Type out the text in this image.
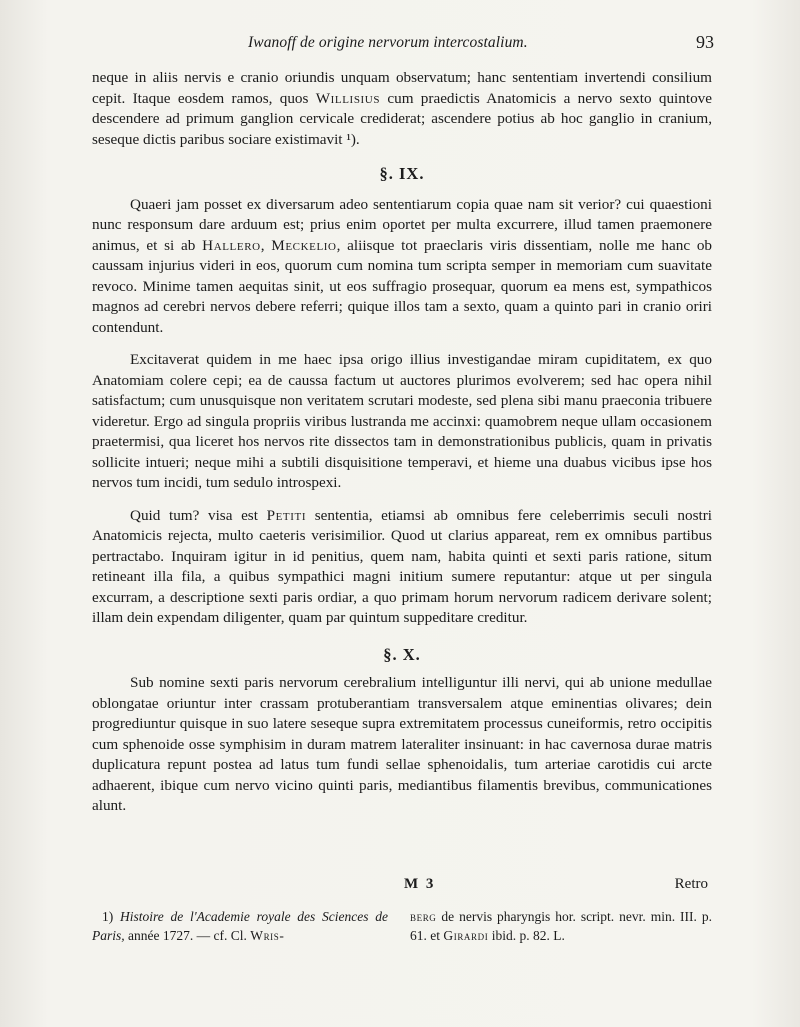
Iwanoff de origine nervorum intercostalium.	93

neque in aliis nervis e cranio oriundis unquam observatum; hanc sententiam invertendi consilium cepit. Itaque eosdem ramos, quos Willisius cum praedictis Anatomicis a nervo sexto quintove descendere ad primum ganglion cervicale crediderat; ascendere potius ab hoc ganglio in cranium, seseque dictis paribus sociare existimavit ¹).

§. IX.

Quaeri jam posset ex diversarum adeo sententiarum copia quae nam sit verior? cui quaestioni nunc responsum dare arduum est; prius enim oportet per multa excurrere, illud tamen praemonere animus, et si ab Hallero, Meckelio, aliisque tot praeclaris viris dissentiam, nolle me hanc ob caussam injurius videri in eos, quorum cum nomina tum scripta semper in memoriam cum suavitate revoco. Minime tamen aequitas sinit, ut eos suffragio prosequar, quorum ea mens est, sympathicos magnos ad cerebri nervos debere referri; quique illos tam a sexto, quam a quinto pari in cranio oriri contendunt.

Excitaverat quidem in me haec ipsa origo illius investigandae miram cupiditatem, ex quo Anatomiam colere cepi; ea de caussa factum ut auctores plurimos evolverem; sed hac opera nihil satisfactum; cum unusquisque non veritatem scrutari modeste, sed plena sibi manu praeconia tribuere videretur. Ergo ad singula propriis viribus lustranda me accinxi: quamobrem neque ullam occasionem praetermisi, qua liceret hos nervos rite dissectos tam in demonstrationibus publicis, quam in privatis sollicite intueri; neque mihi a subtili disquisitione temperavi, et hieme una duabus vicibus ipse hos nervos tum incidi, tum sedulo introspexi.

Quid tum? visa est Petiti sententia, etiamsi ab omnibus fere celeberrimis seculi nostri Anatomicis rejecta, multo caeteris verisimilior. Quod ut clarius appareat, rem ex omnibus partibus pertractabo. Inquiram igitur in id penitius, quem nam, habita quinti et sexti paris ratione, situm retineant illa fila, a quibus sympathici magni initium sumere reputantur: atque ut per singula excurram, a descriptione sexti paris ordiar, a quo primam horum nervorum radicem derivare solent; illam dein expendam diligenter, quam par quintum suppeditare creditur.

§. X.

Sub nomine sexti paris nervorum cerebralium intelliguntur illi nervi, qui ab unione medullae oblongatae oriuntur inter crassam protuberantiam transversalem atque eminentias olivares; dein progrediuntur quisque in suo latere seseque supra extremitatem processus cuneiformis, retro occipitis cum sphenoide osse symphisim in duram matrem lateraliter insinuant: in hac cavernosa durae matris duplicatura repunt postea ad latus tum fundi sellae sphenoidalis, tum arteriae carotidis cui arcte adhaerent, ibique cum nervo vicino quinti paris, mediantibus filamentis brevibus, communicationes alunt.

M 3	Retro
1) Histoire de l'Academie royale des Sciences de Paris, année 1727. — cf. Cl. Wris-
berg de nervis pharyngis hor. script. nevr. min. III. p. 61. et Girardi ibid. p. 82. L.
